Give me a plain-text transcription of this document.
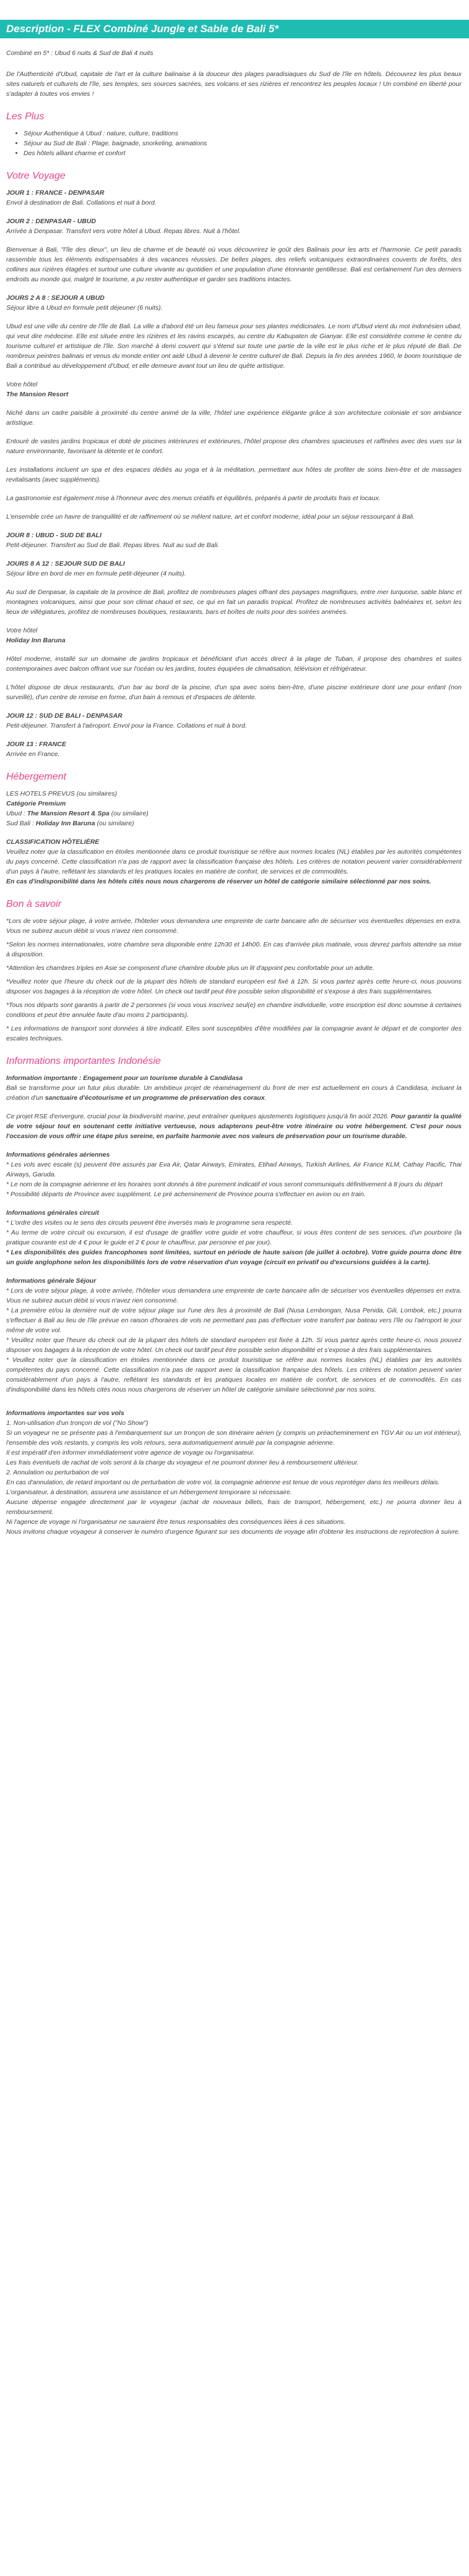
Description - FLEX Combiné Jungle et Sable de Bali 5*

Combiné en 5* : Ubud 6 nuits & Sud de Bali 4 nuits

De l'Authenticité d'Ubud, capitale de l'art et la culture balinaise à la douceur des plages paradisiaques du Sud de l'île en hôtels. Découvrez les plus beaux sites naturels et culturels de l'île, ses temples, ses sources sacrées, ses volcans et ses rizières et rencontrez les peuples locaux ! Un combiné en liberté pour s'adapter à toutes vos envies !

Les Plus
• Séjour Authentique à Ubud : nature, culture, traditions
• Séjour au Sud de Bali : Plage, baignade, snorkeling, animations
• Des hôtels alliant charme et confort
Votre Voyage

JOUR 1 : FRANCE - DENPASAR
Envol à destination de Bali. Collations et nuit à bord.

JOUR 2 : DENPASAR - UBUD
Arrivée à Denpasar. Transfert vers votre hôtel à Ubud. Repas libres. Nuit à l'hôtel.

Bienvenue à Bali, "l'île des dieux", un lieu de charme et de beauté où vous découvrirez le goût des Balinais pour les arts et l'harmonie. Ce petit paradis rassemble tous les éléments indispensables à des vacances réussies. De belles plages, des reliefs volcaniques extraordinaires couverts de forêts, des collines aux rizières étagées et surtout une culture vivante au quotidien et une population d'une étonnante gentillesse. Bali est certainement l'un des derniers endroits au monde qui, malgré le tourisme, a pu rester authentique et garder ses traditions intactes.

JOURS 2 A 8 : SEJOUR A UBUD
Séjour libre à Ubud en formule petit déjeuner (6 nuits).

Ubud est une ville du centre de l'île de Bali. La ville a d'abord été un lieu fameux pour ses plantes médicinales. Le nom d'Ubud vient du mot indonésien ubad, qui veut dire médecine. Elle est située entre les rizières et les ravins escarpés, au centre du Kabupaten de Gianyar. Elle est considérée comme le centre du tourisme culturel et artistique de l'île. Son marché à demi couvert qui s'étend sur toute une partie de la ville est le plus riche et le plus réputé de Bali. De nombreux peintres balinais et venus du monde entier ont aidé Ubud à devenir le centre culturel de Bali. Depuis la fin des années 1960, le boom touristique de Bali a contribué au développement d'Ubud, et elle demeure avant tout un lieu de quête artistique.

Votre hôtel
The Mansion Resort

Niché dans un cadre paisible à proximité du centre animé de la ville, l'hôtel une expérience élégante grâce à son architecture coloniale et son ambiance artistique.

Entouré de vastes jardins tropicaux et doté de piscines intérieures et extérieures, l'hôtel propose des chambres spacieuses et raffinées avec des vues sur la nature environnante, favorisant la détente et le confort.

Les installations incluent un spa et des espaces dédiés au yoga et à la méditation, permettant aux hôtes de profiter de soins bien-être et de massages revitalisants (avec suppléments).

La gastronomie est également mise à l'honneur avec des menus créatifs et équilibrés, préparés à partir de produits frais et locaux.

L'ensemble crée un havre de tranquillité et de raffinement où se mêlent nature, art et confort moderne, idéal pour un séjour ressourçant à Bali.

JOUR 8 : UBUD - SUD DE BALI
Petit-déjeuner. Transfert au Sud de Bali. Repas libres. Nuit au sud de Bali.

JOURS 8 A 12 : SEJOUR SUD DE BALI
Séjour libre en bord de mer en formule petit-déjeuner (4 nuits).

Au sud de Denpasar, la capitale de la province de Bali, profitez de nombreuses plages offrant des paysages magnifiques, entre mer turquoise, sable blanc et montagnes volcaniques, ainsi que pour son climat chaud et sec, ce qui en fait un paradis tropical. Profitez de nombreuses activités balnéaires et, selon les lieux de villégiatures, profitez de nombreuses boutiques, restaurants, bars et boîtes de nuits pour des soirées animées.

Votre hôtel
Holiday Inn Baruna

Hôtel moderne, installé sur un domaine de jardins tropicaux et bénéficiant d'un accès direct à la plage de Tuban, il propose des chambres et suites contemporaines avec balcon offrant vue sur l'océan ou les jardins, toutes équipées de climatisation, télévision et réfrigérateur.

L'hôtel dispose de deux restaurants, d'un bar au bord de la piscine, d'un spa avec soins bien-être, d'une piscine extérieure dont une pour enfant (non surveillé), d'un centre de remise en forme, d'un bain à remous et d'espaces de détente.

JOUR 12 : SUD DE BALI - DENPASAR
Petit-déjeuner. Transfert à l'aéroport. Envol pour la France. Collations et nuit à bord.

JOUR 13 : FRANCE
Arrivée en France.

Hébergement

LES HOTELS PREVUS (ou similaires)
Catégorie Premium
Ubud : The Mansion Resort & Spa (ou similaire)
Sud Bali : Holiday Inn Baruna (ou similaire)

CLASSIFICATION HÔTELIÈRE
Veuillez noter que la classification en étoiles mentionnée dans ce produit touristique se réfère aux normes locales (NL) établies par les autorités compétentes du pays concerné. Cette classification n'a pas de rapport avec la classification française des hôtels. Les critères de notation peuvent varier considérablement d'un pays à l'autre, reflétant les standards et les pratiques locales en matière de confort, de services et de commodités.
En cas d'indisponibilité dans les hôtels cités nous nous chargerons de réserver un hôtel de catégorie similaire sélectionné par nos soins.

Bon à savoir

*Lors de votre séjour plage, à votre arrivée, l'hôtelier vous demandera une empreinte de carte bancaire afin de sécuriser vos éventuelles dépenses en extra. Vous ne subirez aucun débit si vous n'avez rien consommé.

*Selon les normes internationales, votre chambre sera disponible entre 12h30 et 14h00. En cas d'arrivée plus matinale, vous devrez parfois attendre sa mise à disposition.

*Attention les chambres triples en Asie se composent d'une chambre double plus un lit d'appoint peu confortable pour un adulte.

*Veuillez noter que l'heure du check out de la plupart des hôtels de standard européen est fixé à 12h. Si vous partez après cette heure-ci, nous pouvons disposer vos bagages à la réception de votre hôtel. Un check out tardif peut être possible selon disponibilité et s'expose à des frais supplémentaires.

*Tous nos départs sont garantis à partir de 2 personnes (si vous vous inscrivez seul(e) en chambre individuelle, votre inscription est donc soumise à certaines conditions et peut être annulée faute d'au moins 2 participants).

* Les informations de transport sont données à titre indicatif. Elles sont susceptibles d'être modifiées par la compagnie avant le départ et de comporter des escales techniques.

Informations importantes Indonésie

Information importante : Engagement pour un tourisme durable à Candidasa
Bali se transforme pour un futur plus durable. Un ambitieux projet de réaménagement du front de mer est actuellement en cours à Candidasa, incluant la création d'un sanctuaire d'écotourisme et un programme de préservation des coraux.

Ce projet RSE d'envergure, crucial pour la biodiversité marine, peut entraîner quelques ajustements logistiques jusqu'à fin août 2026. Pour garantir la qualité de votre séjour tout en soutenant cette initiative vertueuse, nous adapterons peut-être votre itinéraire ou votre hébergement. C'est pour nous l'occasion de vous offrir une étape plus sereine, en parfaite harmonie avec nos valeurs de préservation pour un tourisme durable.

Informations générales aériennes
* Les vols avec escale (s) peuvent être assurés par Eva Air, Qatar Airways, Emirates, Etihad Airways, Turkish Airlines, Air France KLM, Cathay Pacific, Thai Airways, Garuda.
* Le nom de la compagnie aérienne et les horaires sont donnés à titre purement indicatif et vous seront communiqués définitivement à 8 jours du départ
* Possibilité départs de Province avec supplément. Le pré acheminement de Province pourra s'effectuer en avion ou en train.

Informations générales circuit
* L'ordre des visites ou le sens des circuits peuvent être inversés mais le programme sera respecté.
* Au terme de votre circuit ou excursion, il est d'usage de gratifier votre guide et votre chauffeur, si vous êtes content de ses services, d'un pourboire (la pratique courante est de 4 € pour le guide et 2 € pour le chauffeur, par personne et par jour).
* Les disponibilités des guides francophones sont limitées, surtout en période de haute saison (de juillet à octobre). Votre guide pourra donc être un guide anglophone selon les disponibilités lors de votre réservation d'un voyage (circuit en privatif ou d'excursions guidées à la carte).

Informations générale Séjour
* Lors de votre séjour plage, à votre arrivée, l'hôtelier vous demandera une empreinte de carte bancaire afin de sécuriser vos éventuelles dépenses en extra. Vous ne subirez aucun débit si vous n'avez rien consommé.
* La première et/ou la dernière nuit de votre séjour plage sur l'une des îles à proximité de Bali (Nusa Lembongan, Nusa Penida, Gili, Lombok, etc.) pourra s'effectuer à Bali au lieu de l'île prévue en raison d'horaires de vols ne permettant pas pas d'effectuer votre transfert par bateau vers l'île ou l'aéroport le jour même de votre vol.
* Veuillez noter que l'heure du check out de la plupart des hôtels de standard européen est fixée à 12h. Si vous partez après cette heure-ci, nous pouvez disposer vos bagages à la réception de votre hôtel. Un check out tardif peut être possible selon disponibilité et s'expose à des frais supplémentaires.
* Veuillez noter que la classification en étoiles mentionnée dans ce produit touristique se réfère aux normes locales (NL) établies par les autorités compétentes du pays concerné. Cette classification n'a pas de rapport avec la classification française des hôtels. Les critères de notation peuvent varier considérablement d'un pays à l'autre, reflétant les standards et les pratiques locales en matière de confort, de services et de commodités. En cas d'indisponibilité dans les hôtels cités nous nous chargerons de réserver un hôtel de catégorie similaire sélectionné par nos soins.

Informations importantes sur vos vols
1. Non-utilisation d'un tronçon de vol ("No Show")
Si un voyageur ne se présente pas à l'embarquement sur un tronçon de son itinéraire aérien (y compris un préacheminement en TGV Air ou un vol intérieur), l'ensemble des vols restants, y compris les vols retours, sera automatiquement annulé par la compagnie aérienne.
Il est impératif d'en informer immédiatement votre agence de voyage ou l'organisateur.
Les frais éventuels de rachat de vols seront à la charge du voyageur et ne pourront donner lieu à remboursement ultérieur.
2. Annulation ou perturbation de vol
En cas d'annulation, de retard important ou de perturbation de votre vol, la compagnie aérienne est tenue de vous reprotéger dans les meilleurs délais.
L'organisateur, à destination, assurera une assistance et un hébergement temporaire si nécessaire.
Aucune dépense engagée directement par le voyageur (achat de nouveaux billets, frais de transport, hébergement, etc.) ne pourra donner lieu à remboursement.
Ni l'agence de voyage ni l'organisateur ne sauraient être tenus responsables des conséquences liées à ces situations.
Nous invitons chaque voyageur à conserver le numéro d'urgence figurant sur ses documents de voyage afin d'obtenir les instructions de reprotection à suivre.
